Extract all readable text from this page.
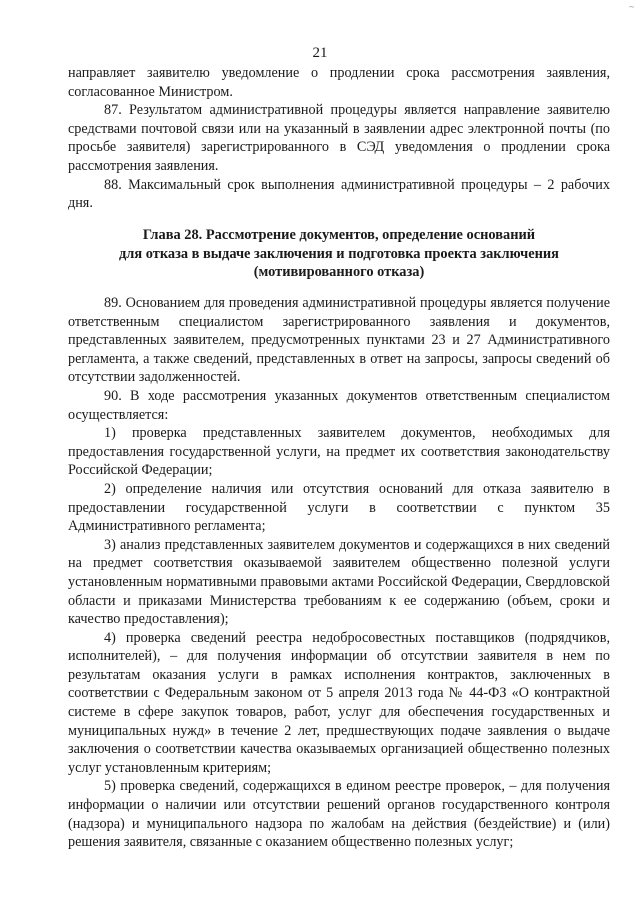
~
21

направляет заявителю уведомление о продлении срока рассмотрения заявления, согласованное Министром.

87. Результатом административной процедуры является направление заявителю средствами почтовой связи или на указанный в заявлении адрес электронной почты (по просьбе заявителя) зарегистрированного в СЭД уведомления о продлении срока рассмотрения заявления.

88. Максимальный срок выполнения административной процедуры – 2 рабочих дня.

Глава 28. Рассмотрение документов, определение оснований
для отказа в выдаче заключения и подготовка проекта заключения
(мотивированного отказа)

89. Основанием для проведения административной процедуры является получение ответственным специалистом зарегистрированного заявления и документов, представленных заявителем, предусмотренных пунктами 23 и 27 Административного регламента, а также сведений, представленных в ответ на запросы, запросы сведений об отсутствии задолженностей.

90. В ходе рассмотрения указанных документов ответственным специалистом осуществляется:

1) проверка представленных заявителем документов, необходимых для предоставления государственной услуги, на предмет их соответствия законодательству Российской Федерации;

2) определение наличия или отсутствия оснований для отказа заявителю в предоставлении государственной услуги в соответствии с пунктом 35 Административного регламента;

3) анализ представленных заявителем документов и содержащихся в них сведений на предмет соответствия оказываемой заявителем общественно полезной услуги установленным нормативными правовыми актами Российской Федерации, Свердловской области и приказами Министерства требованиям к ее содержанию (объем, сроки и качество предоставления);

4) проверка сведений реестра недобросовестных поставщиков (подрядчиков, исполнителей), – для получения информации об отсутствии заявителя в нем по результатам оказания услуги в рамках исполнения контрактов, заключенных в соответствии с Федеральным законом от 5 апреля 2013 года № 44-ФЗ «О контрактной системе в сфере закупок товаров, работ, услуг для обеспечения государственных и муниципальных нужд» в течение 2 лет, предшествующих подаче заявления о выдаче заключения о соответствии качества оказываемых организацией общественно полезных услуг установленным критериям;

5) проверка сведений, содержащихся в едином реестре проверок, – для получения информации о наличии или отсутствии решений органов государственного контроля (надзора) и муниципального надзора по жалобам на действия (бездействие) и (или) решения заявителя, связанные с оказанием общественно полезных услуг;
